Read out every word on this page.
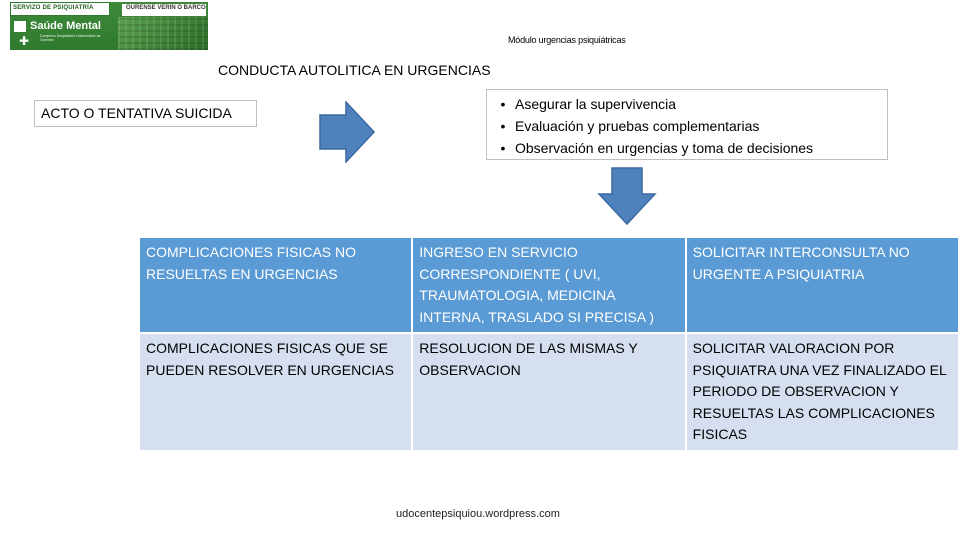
SERVIZO DE PSIQUIATRÍA	OURENSE VERIN O BARCO
Saúde Mental
✚	Complexo Hospitalario Universitario de Ourense	Módulo urgencias psiquiátricas
CONDUCTA AUTOLITICA EN URGENCIAS
ACTO O TENTATIVA SUICIDA
• Asegurar la supervivencia
• Evaluación y pruebas complementarias
• Observación en urgencias y toma de decisiones
COMPLICACIONES FISICAS NO RESUELTAS EN URGENCIAS	INGRESO EN SERVICIO CORRESPONDIENTE ( UVI, TRAUMATOLOGIA, MEDICINA INTERNA, TRASLADO SI PRECISA )	SOLICITAR INTERCONSULTA NO URGENTE A PSIQUIATRIA
COMPLICACIONES FISICAS QUE SE PUEDEN RESOLVER EN URGENCIAS	RESOLUCION DE LAS MISMAS Y OBSERVACION	SOLICITAR VALORACION POR PSIQUIATRA UNA VEZ FINALIZADO EL PERIODO DE OBSERVACION Y RESUELTAS LAS COMPLICACIONES FISICAS
udocentepsiquiou.wordpress.com
